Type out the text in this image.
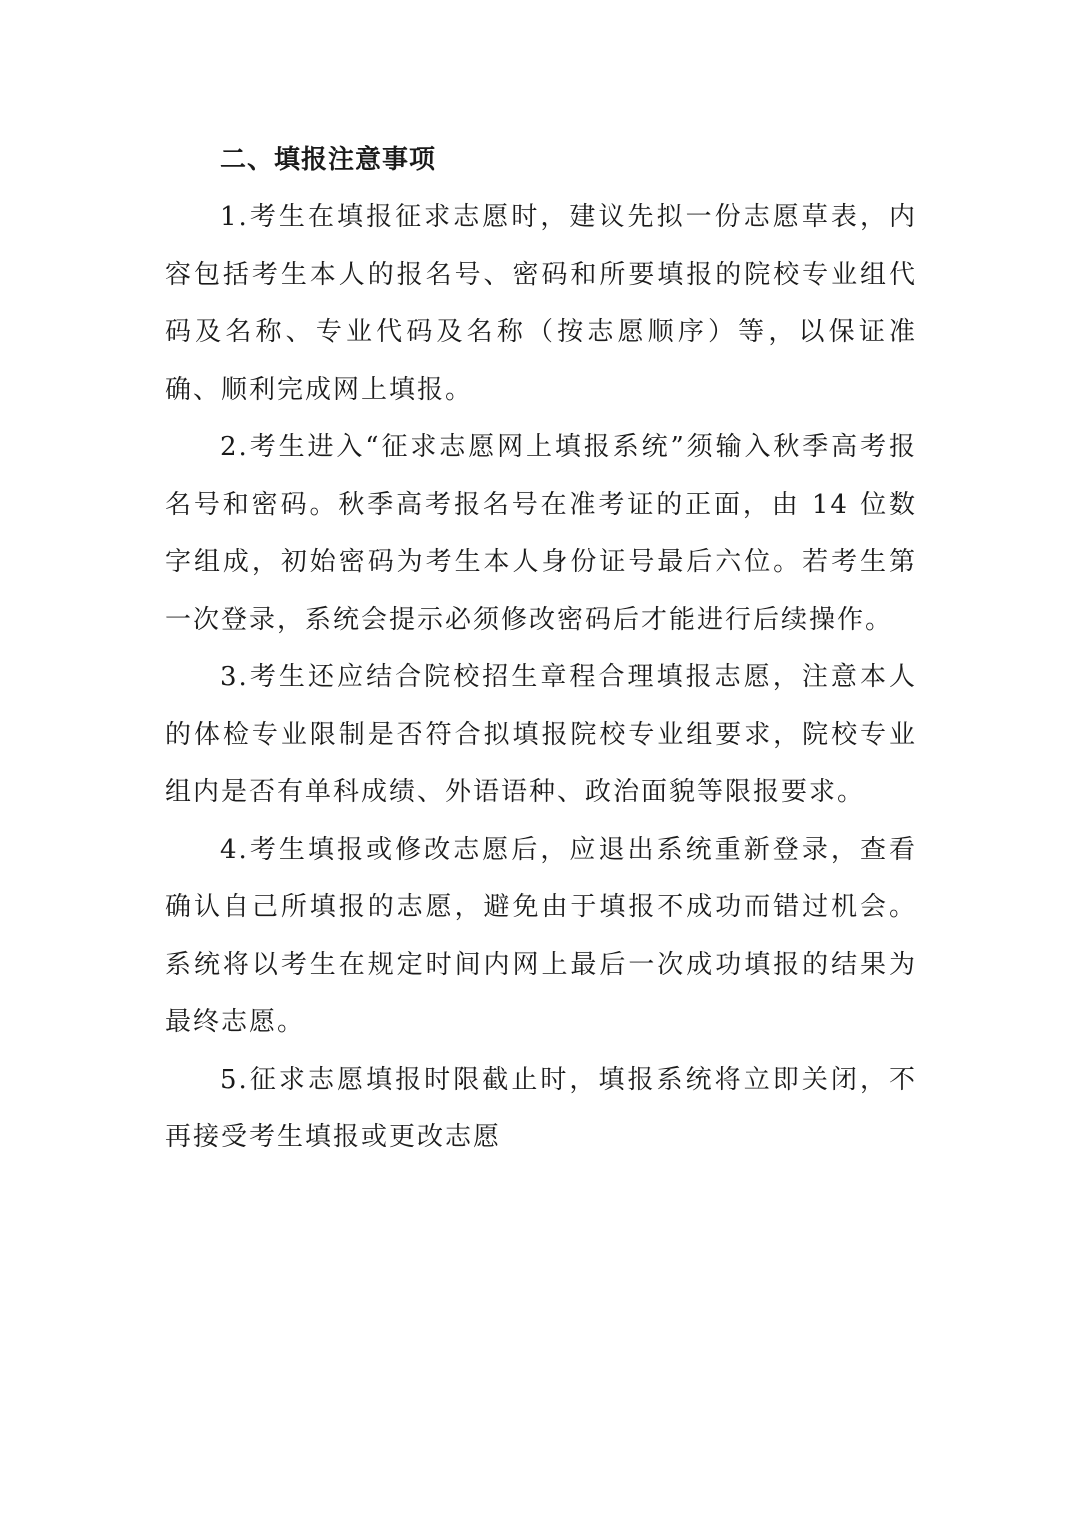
二、填报注意事项

1.考生在填报征求志愿时，建议先拟一份志愿草表，内容包括考生本人的报名号、密码和所要填报的院校专业组代码及名称、专业代码及名称（按志愿顺序）等，以保证准确、顺利完成网上填报。

2.考生进入“征求志愿网上填报系统”须输入秋季高考报名号和密码。秋季高考报名号在准考证的正面，由 14 位数字组成，初始密码为考生本人身份证号最后六位。若考生第一次登录，系统会提示必须修改密码后才能进行后续操作。

3.考生还应结合院校招生章程合理填报志愿，注意本人的体检专业限制是否符合拟填报院校专业组要求，院校专业组内是否有单科成绩、外语语种、政治面貌等限报要求。

4.考生填报或修改志愿后，应退出系统重新登录，查看确认自己所填报的志愿，避免由于填报不成功而错过机会。系统将以考生在规定时间内网上最后一次成功填报的结果为最终志愿。

5.征求志愿填报时限截止时，填报系统将立即关闭，不再接受考生填报或更改志愿
